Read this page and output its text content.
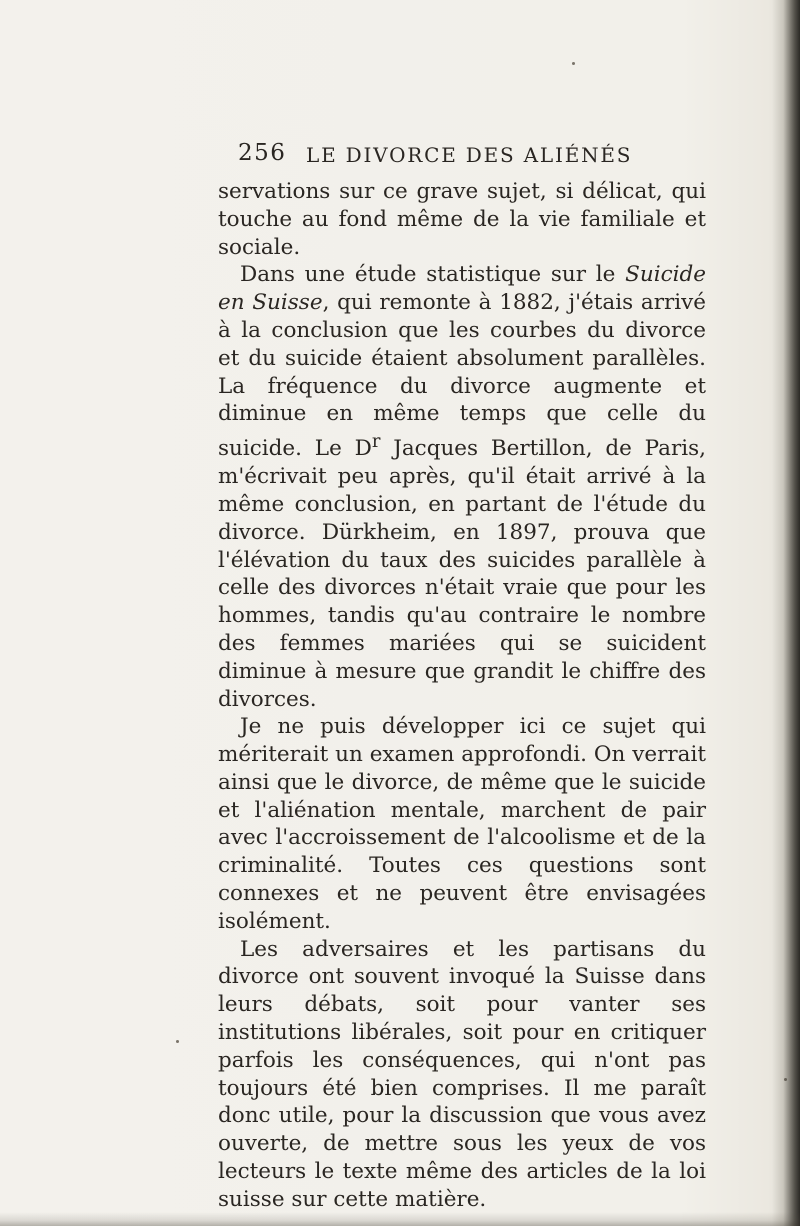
256 LE DIVORCE DES ALIÉNÉS

servations sur ce grave sujet, si délicat, qui touche au fond même de la vie familiale et sociale.

Dans une étude statistique sur le Suicide en Suisse, qui remonte à 1882, j'étais arrivé à la conclusion que les courbes du divorce et du suicide étaient absolument parallèles. La fréquence du divorce augmente et diminue en même temps que celle du suicide. Le $D^r$ Jacques Bertillon, de Paris, m'écrivait peu après, qu'il était arrivé à la même conclusion, en partant de l'étude du divorce. Dürkheim, en 1897, prouva que l'élévation du taux des suicides parallèle à celle des divorces n'était vraie que pour les hommes, tandis qu'au contraire le nombre des femmes mariées qui se suicident diminue à mesure que grandit le chiffre des divorces.

Je ne puis développer ici ce sujet qui mériterait un examen approfondi. On verrait ainsi que le divorce, de même que le suicide et l'aliénation mentale, marchent de pair avec l'accroissement de l'alcoolisme et de la criminalité. Toutes ces questions sont connexes et ne peuvent être envisagées isolément.

Les adversaires et les partisans du divorce ont souvent invoqué la Suisse dans leurs débats, soit pour vanter ses institutions libérales, soit pour en critiquer parfois les conséquences, qui n'ont pas toujours été bien comprises. Il me paraît donc utile, pour la discussion que vous avez ouverte, de mettre sous les yeux de vos lecteurs le texte même des articles de la loi suisse sur cette matière.
